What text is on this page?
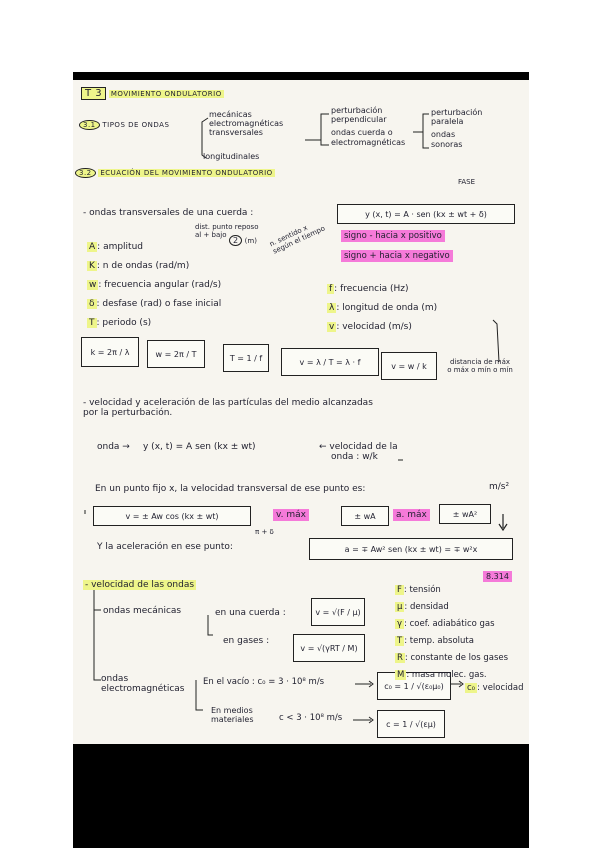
T 3 MOVIMIENTO ONDULATORIO
3.1 TIPOS DE ONDAS
mecánicas
electromagnéticas
transversales
longitudinales
perturbación
perpendicular
ondas cuerda o
electromagnéticas
perturbación
paralela
ondas
sonoras
3.2 ECUACIÓN DEL MOVIMIENTO ONDULATORIO
FASE
- ondas transversales de una cuerda :	y (x, t) = A · sen (kx ± wt + δ)
A : amplitud
K : n de ondas (rad/m)
w : frecuencia angular (rad/s)
δ : desfase (rad) o fase inicial
T : periodo (s)
dist. punto reposo
al + bajo
2 (m) n. sentido x según el tiempo	signo - hacia x positivo
signo + hacia x negativo
f : frecuencia (Hz)
λ : longitud de onda (m)
v : velocidad (m/s)
k = 2π / λ	w = 2π / T	T = 1 / f	v = λ / T = λ · f	v = w / k	distancia de máx o máx o mín o mín
- velocidad y aceleración de las partículas del medio alcanzadas
por la perturbación.
onda → y (x, t) = A sen (kx ± wt)	← velocidad de la
onda : w/k
En un punto fijo x, la velocidad transversal de ese punto es:	m/s²
v = ± Aw cos (kx ± wt)	v. máx	± wA	a. máx	± wA²
π + δ
Y la aceleración en ese punto:	a = ∓ Aw² sen (kx ± wt) = ∓ w²x
- velocidad de las ondas
ondas mecánicas	en una cuerda :	v = √(F / μ)
en gases :
v = √(γRT / M)
ondas
electromagnéticas
En el vacío : c₀ = 3 · 10⁸ m/s	c₀ = 1 / √(ε₀μ₀)
En medios
materiales	c < 3 · 10⁸ m/s
c = 1 / √(εμ)
8.314
F : tensión
μ : densidad
γ : coef. adiabático gas
T : temp. absoluta
R : constante de los gases
M : masa molec. gas.
c₀ : velocidad
